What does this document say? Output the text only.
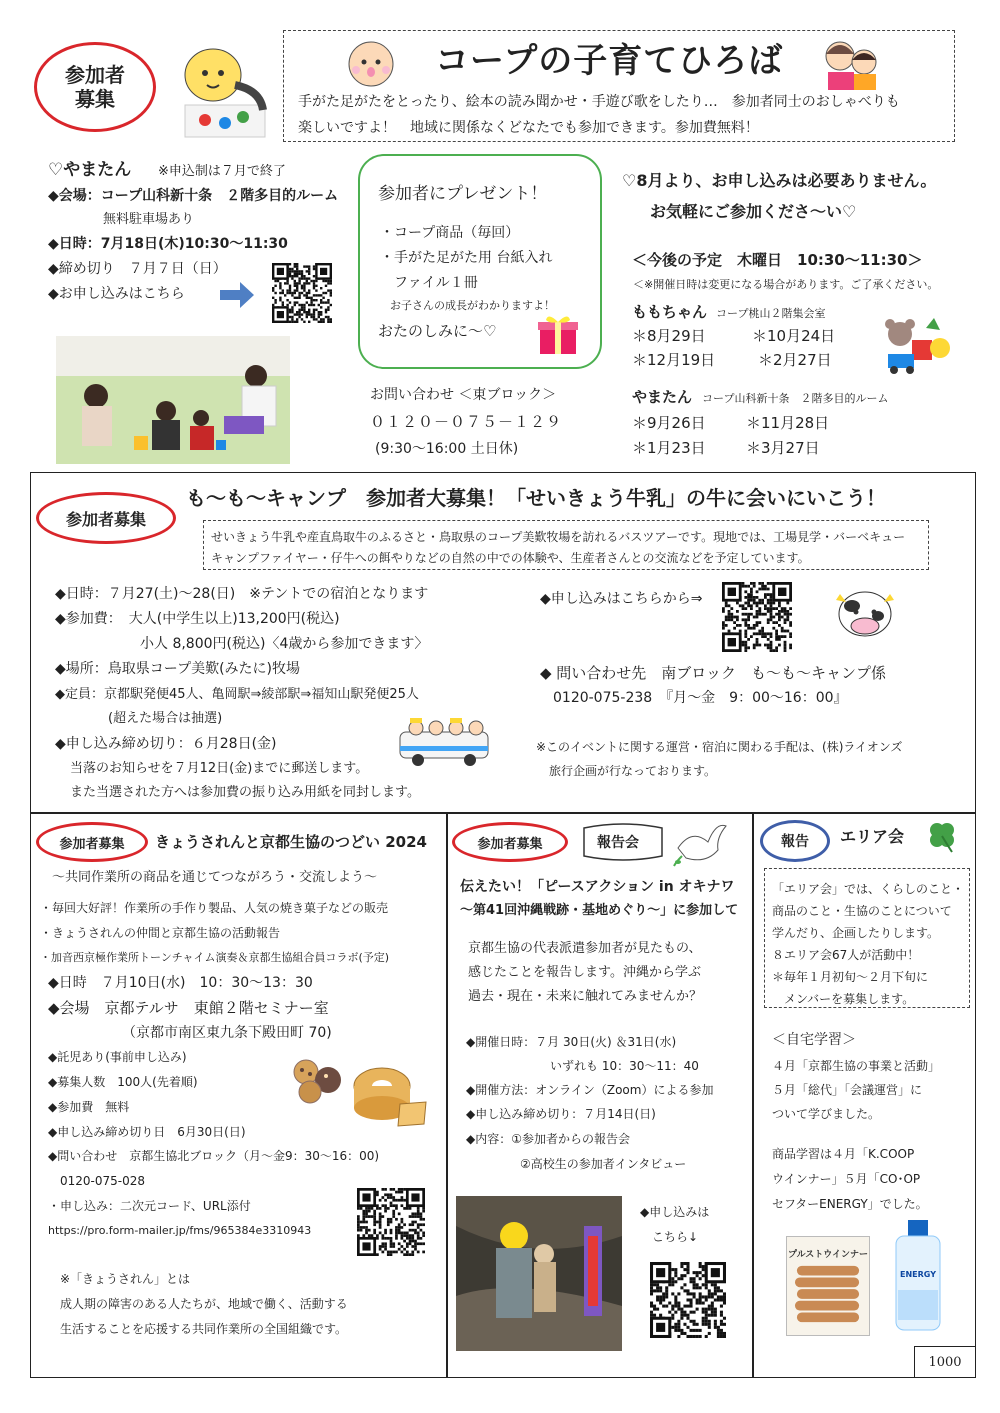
参加者
募集
コープの子育てひろば
手がた足がたをとったり、絵本の読み聞かせ・手遊び歌をしたり…　参加者同士のおしゃべりも
楽しいですよ！　地域に関係なくどなたでも参加できます。参加費無料！
♡やまたん ※申込制は７月で終了
◆会場：コープ山科新十条　２階多目的ルーム
無料駐車場あり
◆日時：7月18日(木)10:30～11:30
◆締め切り　７月７日（日）
◆お申し込みはこちら
参加者にプレゼント！
・コープ商品（毎回）
・手がた足がた用 台紙入れ
ファイル１冊
お子さんの成長がわかりますよ！
おたのしみに～♡
お問い合わせ ＜東ブロック＞
０１２０－０７５－１２９
(9:30～16:00 土日休)
♡8月より、お申し込みは必要ありません。
お気軽にご参加くださ～い♡
＜今後の予定　木曜日　10:30～11:30＞
＜※開催日時は変更になる場合があります。ご了承ください。
ももちゃん コープ桃山２階集会室
＊8月29日	＊10月24日
＊12月19日	＊2月27日
やまたん コープ山科新十条　２階多目的ルーム
＊9月26日	＊11月28日
＊1月23日	＊3月27日
参加者募集
も～も～キャンプ　参加者大募集！「せいきょう牛乳」の牛に会いにいこう！
せいきょう牛乳や産直鳥取牛のふるさと・鳥取県のコープ美歎牧場を訪れるバスツアーです。現地では、工場見学・バーベキュー
キャンプファイヤー・仔牛への餌やりなどの自然の中での体験や、生産者さんとの交流などを予定しています。
◆日時：７月27(土)～28(日)　※テントでの宿泊となります
◆参加費：　大人(中学生以上)13,200円(税込)
小人 8,800円(税込)〈4歳から参加できます〉
◆場所：鳥取県コープ美歎(みたに)牧場
◆定員：京都駅発便45人、亀岡駅⇒綾部駅⇒福知山駅発便25人
(超えた場合は抽選)
◆申し込み締め切り：６月28日(金)
当落のお知らせを７月12日(金)までに郵送します。
また当選された方へは参加費の振り込み用紙を同封します。
◆申し込みはこちらから⇒
◆ 問い合わせ先　南ブロック　も～も～キャンプ係
0120-075-238　『月～金　9：00～16：00』
※このイベントに関する運営・宿泊に関わる手配は、(株)ライオンズ
旅行企画が行なっております。
参加者募集 きょうされんと京都生協のつどい 2024
～共同作業所の商品を通じてつながろう・交流しよう～
・毎回大好評！作業所の手作り製品、人気の焼き菓子などの販売
・きょうされんの仲間と京都生協の活動報告
・加音西京極作業所トーンチャイム演奏＆京都生協組合員コラボ(予定)
◆日時　７月10日(水)　10：30～13：30
◆会場　京都テルサ　東館２階セミナー室
（京都市南区東九条下殿田町 70)
◆託児あり(事前申し込み)
◆募集人数　100人(先着順)
◆参加費　無料
◆申し込み締め切り日　6月30日(日)
◆問い合わせ　京都生協北ブロック（月～金9：30～16：00)
0120-075-028
・申し込み：二次元コード、URL添付
https://pro.form-mailer.jp/fms/965384e3310943
※「きょうされん」とは
成人期の障害のある人たちが、地域で働く、活動する
生活することを応援する共同作業所の全国組織です。
参加者募集	報告会
伝えたい！「ピースアクション in オキナワ
～第41回沖縄戦跡・基地めぐり～」に参加して
京都生協の代表派遣参加者が見たもの、
感じたことを報告します。沖縄から学ぶ
過去・現在・未来に触れてみませんか？
◆開催日時：７月 30日(火) ＆31日(水)
いずれも 10：30～11：40
◆開催方法：オンライン（Zoom）による参加
◆申し込み締め切り：７月14日(日)
◆内容：①参加者からの報告会
②高校生の参加者インタビュー
◆申し込みは
こちら↓
報告 エリア会
「エリア会」では、くらしのこと・
商品のこと・生協のことについて
学んだり、企画したりします。
８エリア会67人が活動中！
＊毎年１月初旬～２月下旬に
メンバーを募集します。
＜自宅学習＞
４月「京都生協の事業と活動」
５月「総代」「会議運営」に
ついて学びました。
商品学習は４月「K.COOP
ウインナー」５月「CO･OP
セフターENERGY」でした。
プルストウインナー
ENERGY
1000
